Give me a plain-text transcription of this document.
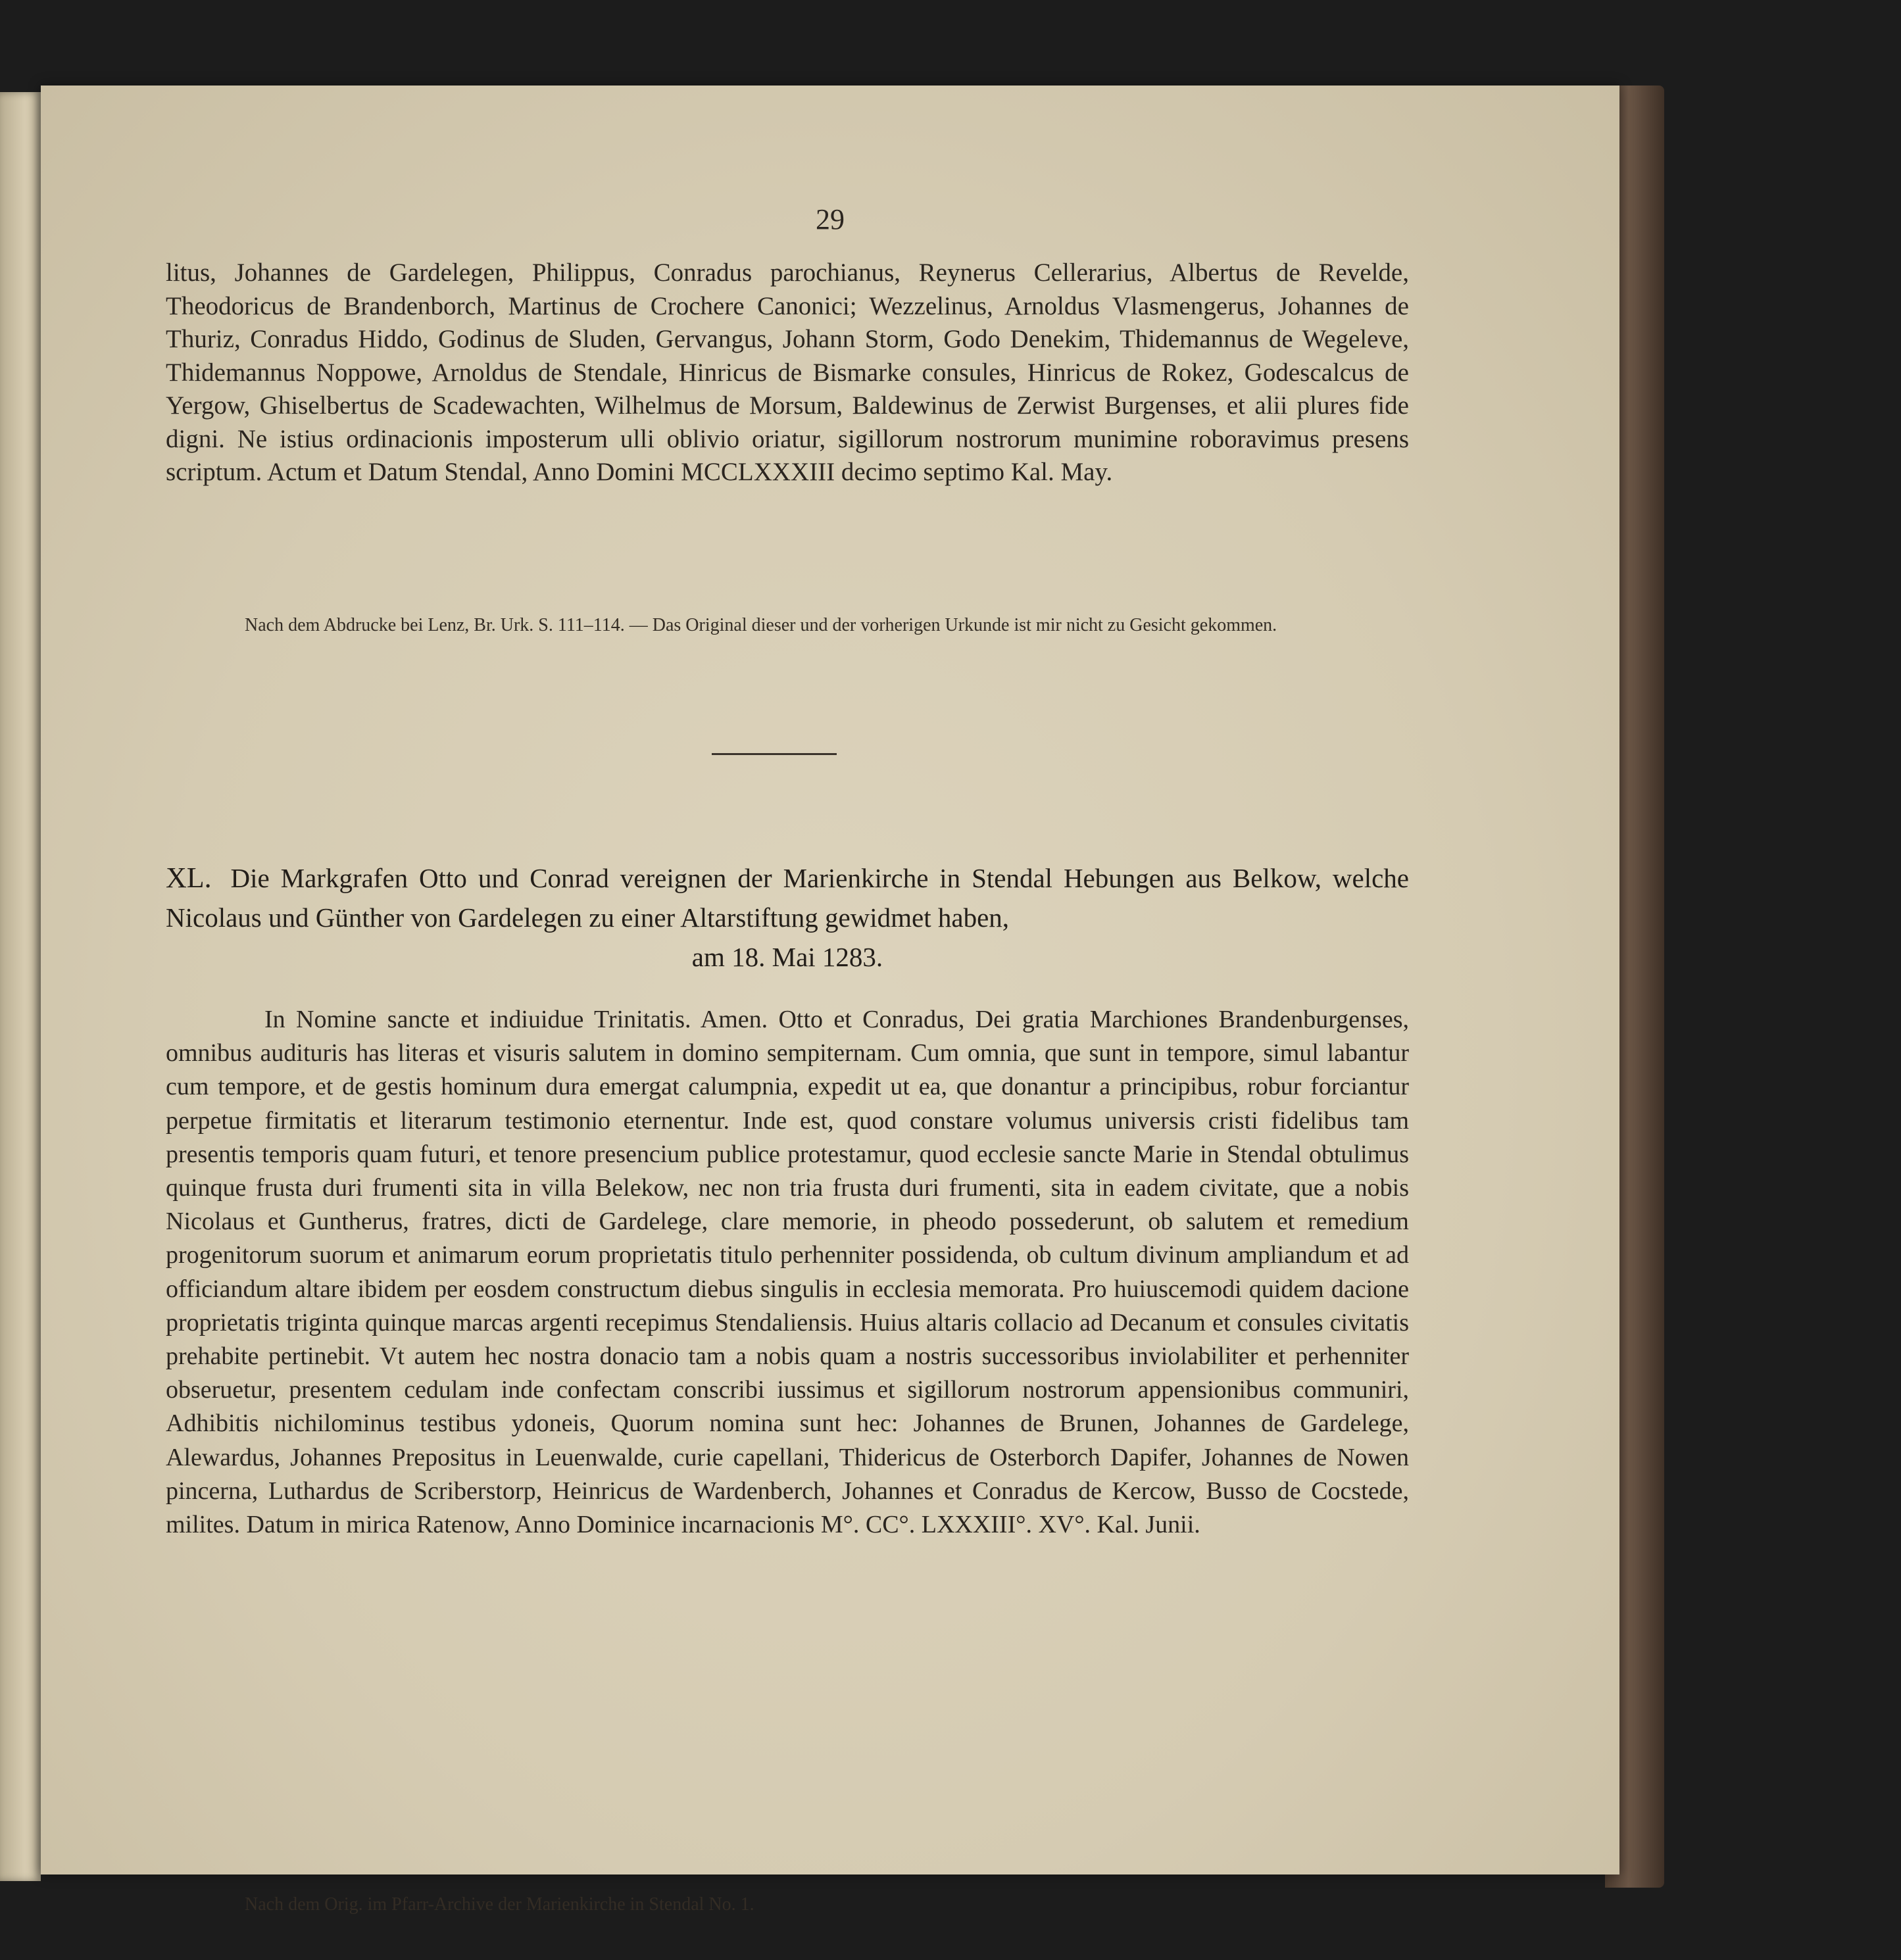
29
litus, Johannes de Gardelegen, Philippus, Conradus parochianus, Reynerus Cellerarius, Albertus de Revelde, Theodoricus de Brandenborch, Martinus de Crochere Canonici; Wezzelinus, Arnoldus Vlasmengerus, Johannes de Thuriz, Conradus Hiddo, Godinus de Sluden, Gervangus, Johann Storm, Godo Denekim, Thidemannus de Wegeleve, Thidemannus Noppowe, Arnoldus de Stendale, Hinricus de Bismarke consules, Hinricus de Rokez, Godescalcus de Yergow, Ghiselbertus de Scadewachten, Wilhelmus de Morsum, Baldewinus de Zerwist Burgenses, et alii plures fide digni. Ne istius ordinacionis imposterum ulli oblivio oriatur, sigillorum nostrorum munimine roboravimus presens scriptum. Actum et Datum Stendal, Anno Domini MCCLXXXIII decimo septimo Kal. May.
Nach dem Abdrucke bei Lenz, Br. Urk. S. 111–114. — Das Original dieser und der vorherigen Urkunde ist mir nicht zu Gesicht gekommen.
XL. Die Markgrafen Otto und Conrad vereignen der Marienkirche in Stendal Hebungen aus Belkow, welche Nicolaus und Günther von Gardelegen zu einer Altarstiftung gewidmet haben,
am 18. Mai 1283.
In Nomine sancte et indiuidue Trinitatis. Amen. Otto et Conradus, Dei gratia Marchiones Brandenburgenses, omnibus audituris has literas et visuris salutem in domino sempiternam. Cum omnia, que sunt in tempore, simul labantur cum tempore, et de gestis hominum dura emergat calumpnia, expedit ut ea, que donantur a principibus, robur forciantur perpetue firmitatis et literarum testimonio eternentur. Inde est, quod constare volumus universis cristi fidelibus tam presentis temporis quam futuri, et tenore presencium publice protestamur, quod ecclesie sancte Marie in Stendal obtulimus quinque frusta duri frumenti sita in villa Belekow, nec non tria frusta duri frumenti, sita in eadem civitate, que a nobis Nicolaus et Guntherus, fratres, dicti de Gardelege, clare memorie, in pheodo possederunt, ob salutem et remedium progenitorum suorum et animarum eorum proprietatis titulo perhenniter possidenda, ob cultum divinum ampliandum et ad officiandum altare ibidem per eosdem constructum diebus singulis in ecclesia memorata. Pro huiuscemodi quidem dacione proprietatis triginta quinque marcas argenti recepimus Stendaliensis. Huius altaris collacio ad Decanum et consules civitatis prehabite pertinebit. Vt autem hec nostra donacio tam a nobis quam a nostris successoribus inviolabiliter et perhenniter obseruetur, presentem cedulam inde confectam conscribi iussimus et sigillorum nostrorum appensionibus communiri, Adhibitis nichilominus testibus ydoneis, Quorum nomina sunt hec: Johannes de Brunen, Johannes de Gardelege, Alewardus, Johannes Prepositus in Leuenwalde, curie capellani, Thidericus de Osterborch Dapifer, Johannes de Nowen pincerna, Luthardus de Scriberstorp, Heinricus de Wardenberch, Johannes et Conradus de Kercow, Busso de Cocstede, milites. Datum in mirica Ratenow, Anno Dominice incarnacionis M°. CC°. LXXXIII°. XV°. Kal. Junii.
Nach dem Orig. im Pfarr-Archive der Marienkirche in Stendal No. 1.
